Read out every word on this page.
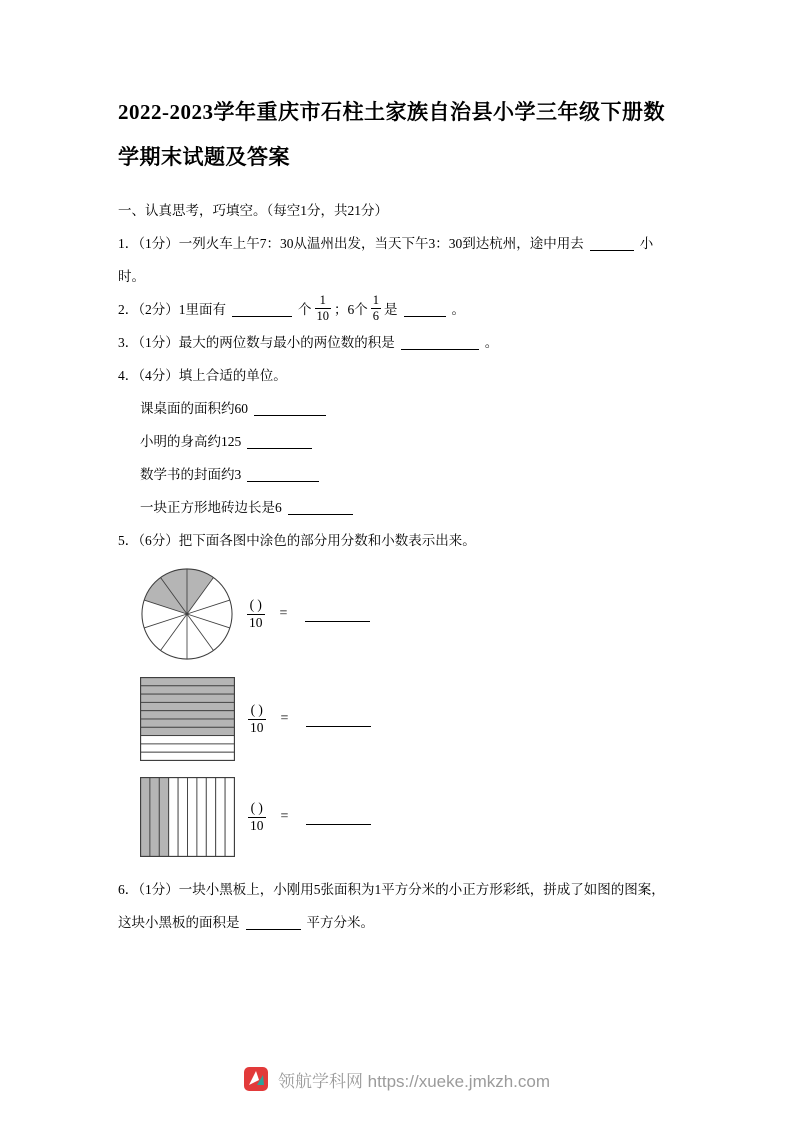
2022-2023学年重庆市石柱土家族自治县小学三年级下册数
学期末试题及答案

一、认真思考，巧填空。（每空1分，共21分）

1．（1分）一列火车上午7：30从温州出发，当天下午3：30到达杭州，途中用去	小时。

2．（2分）1里面有	个 $\frac{1}{10}$ ；6个 $\frac{1}{6}$ 是	。

3．（1分）最大的两位数与最小的两位数的积是	。

4．（4分）填上合适的单位。

课桌面的面积约60

小明的身高约125

数学书的封面约3

一块正方形地砖边长是6

5．（6分）把下面各图中涂色的部分用分数和小数表示出来。

$\frac{( )}{10}$ =
$\frac{( )}{10}$ =
$\frac{( )}{10}$ =

6．（1分）一块小黑板上，小刚用5张面积为1平方分米的小正方形彩纸，拼成了如图的图案，这块小黑板的面积是	平方分米。

领航学科网 https://xueke.jmkzh.com
